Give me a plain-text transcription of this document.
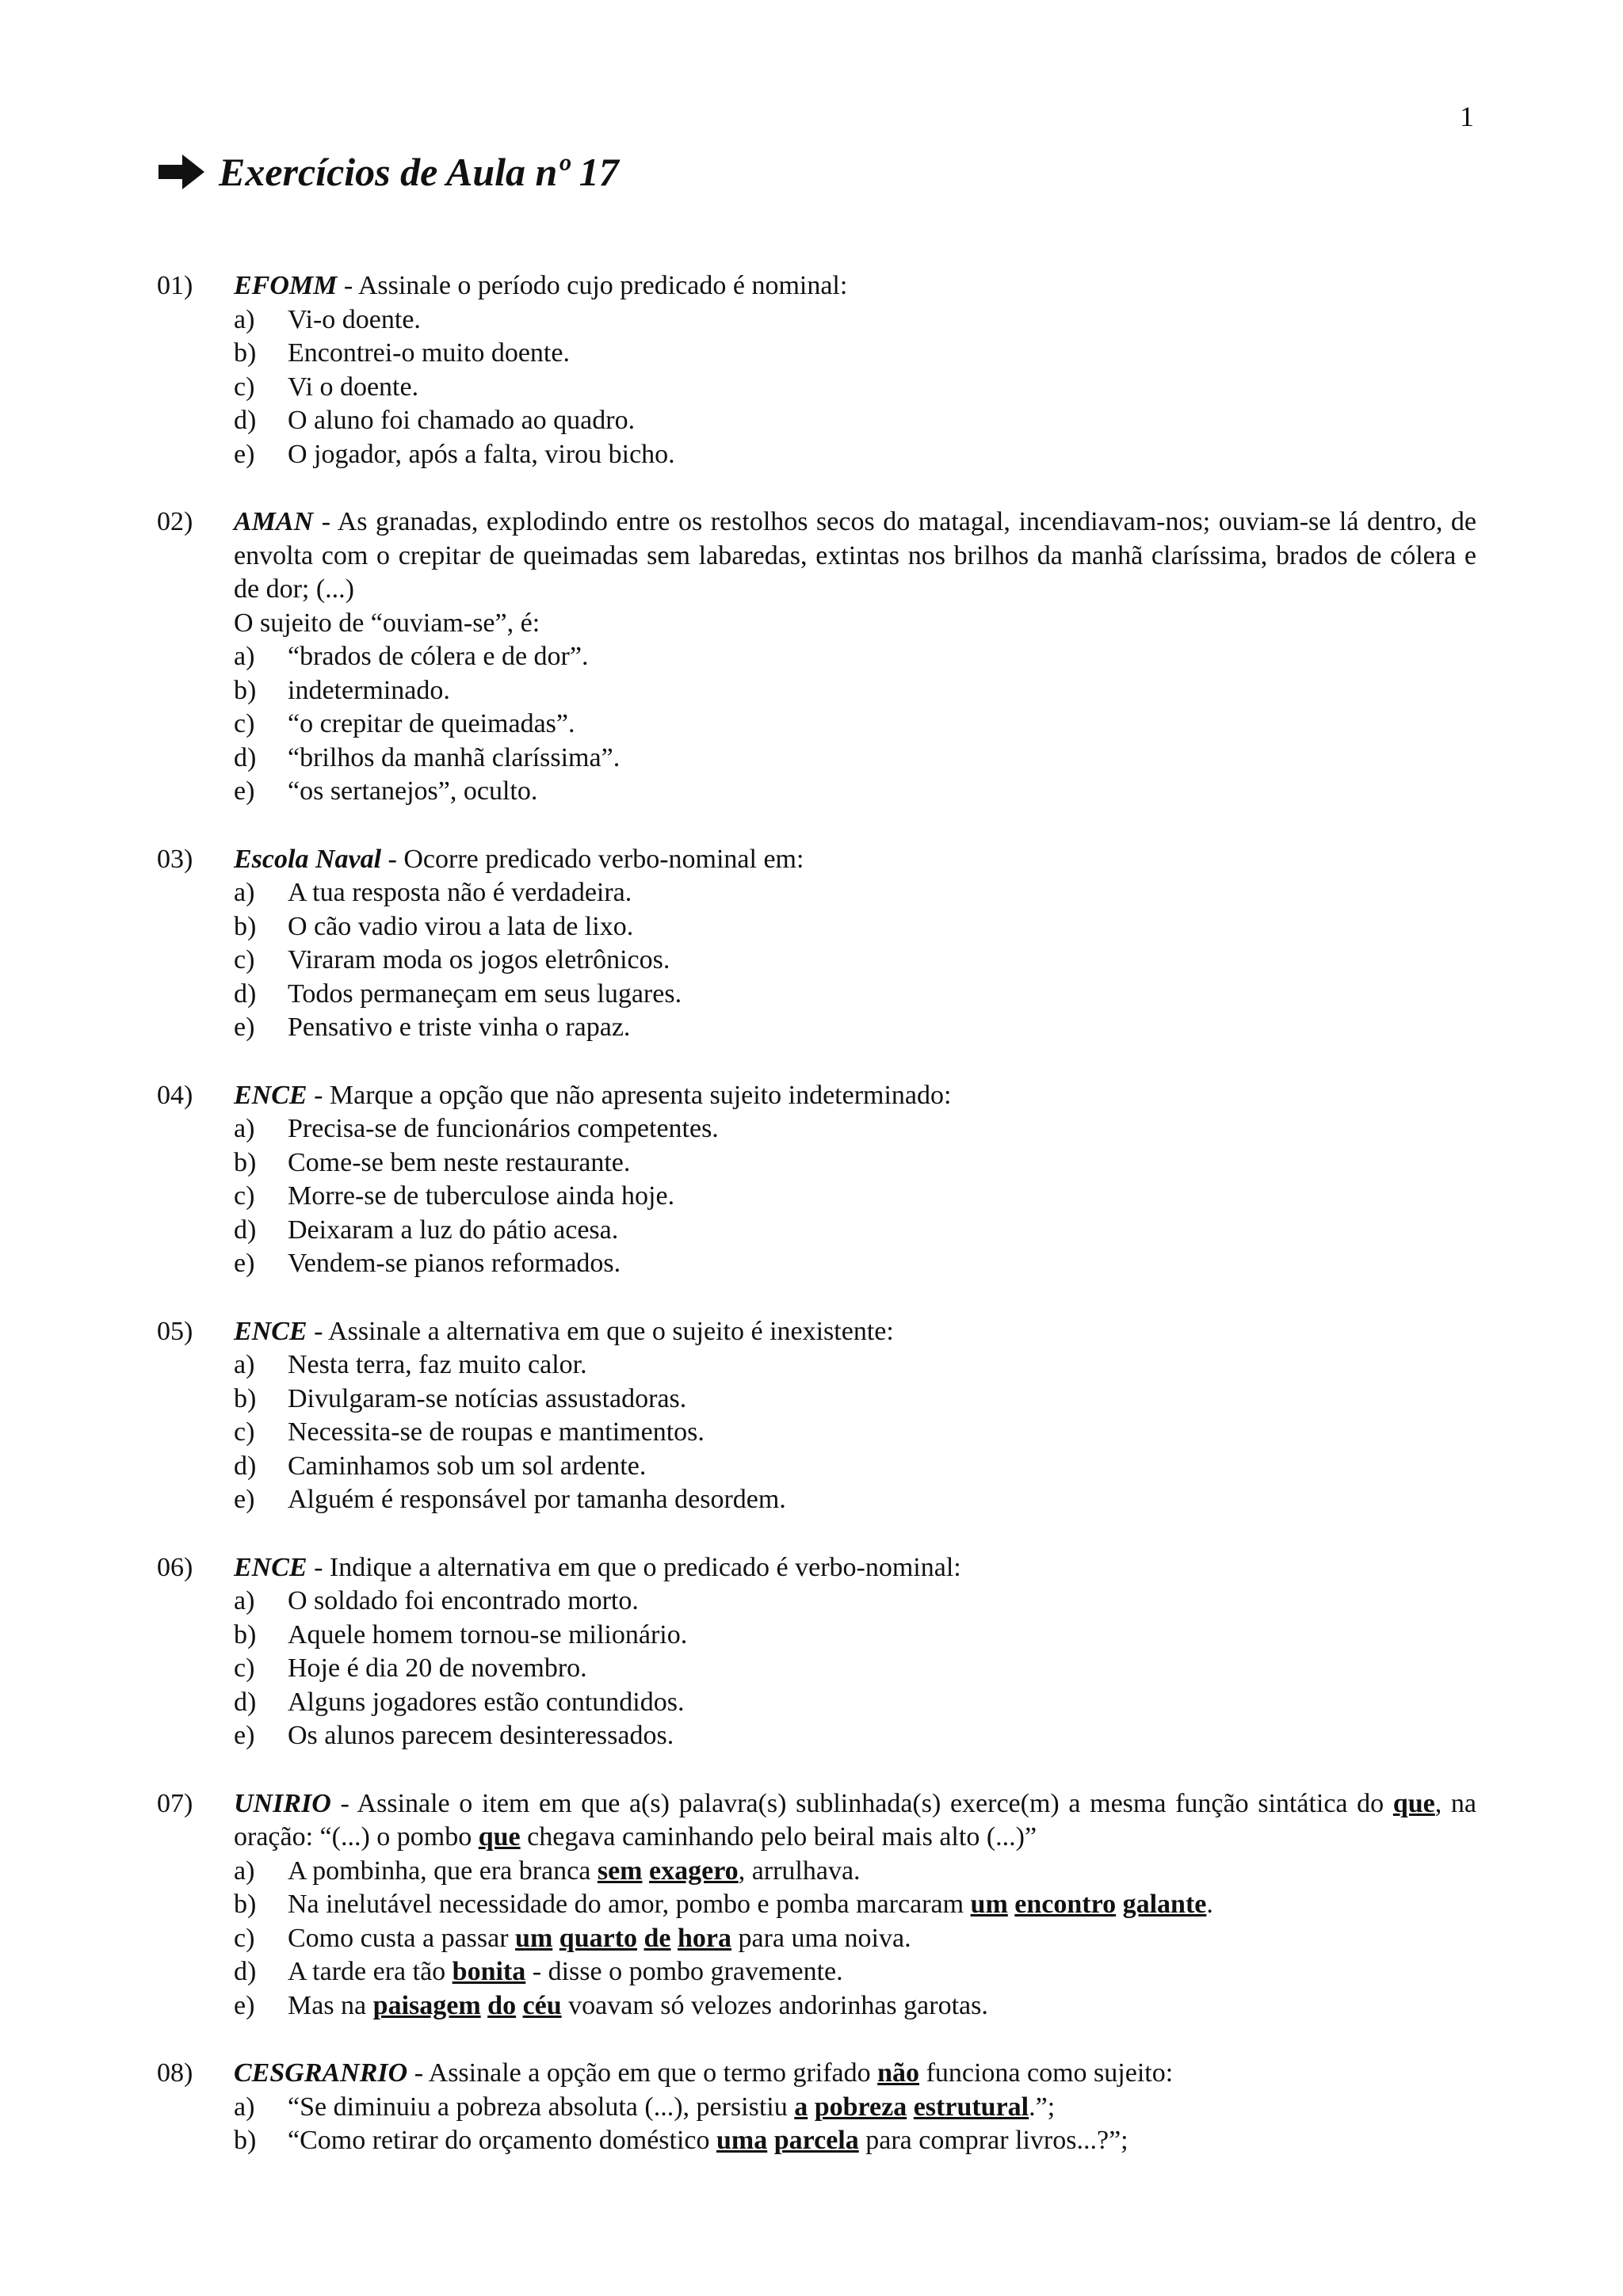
1
Exercícios de Aula nº 17
01) EFOMM - Assinale o período cujo predicado é nominal:
a)	Vi-o doente.
b)	Encontrei-o muito doente.
c)	Vi o doente.
d)	O aluno foi chamado ao quadro.
e)	O jogador, após a falta, virou bicho.
02) AMAN - As granadas, explodindo entre os restolhos secos do matagal, incendiavam-nos; ouviam-se lá dentro, de envolta com o crepitar de queimadas sem labaredas, extintas nos brilhos da manhã claríssima, brados de cólera e de dor; (...)
O sujeito de “ouviam-se”, é:
a)	“brados de cólera e de dor”.
b)	indeterminado.
c)	“o crepitar de queimadas”.
d)	“brilhos da manhã claríssima”.
e)	“os sertanejos”, oculto.
03) Escola Naval - Ocorre predicado verbo-nominal em:
a)	A tua resposta não é verdadeira.
b)	O cão vadio virou a lata de lixo.
c)	Viraram moda os jogos eletrônicos.
d)	Todos permaneçam em seus lugares.
e)	Pensativo e triste vinha o rapaz.
04) ENCE - Marque a opção que não apresenta sujeito indeterminado:
a)	Precisa-se de funcionários competentes.
b)	Come-se bem neste restaurante.
c)	Morre-se de tuberculose ainda hoje.
d)	Deixaram a luz do pátio acesa.
e)	Vendem-se pianos reformados.
05) ENCE - Assinale a alternativa em que o sujeito é inexistente:
a)	Nesta terra, faz muito calor.
b)	Divulgaram-se notícias assustadoras.
c)	Necessita-se de roupas e mantimentos.
d)	Caminhamos sob um sol ardente.
e)	Alguém é responsável por tamanha desordem.
06) ENCE - Indique a alternativa em que o predicado é verbo-nominal:
a)	O soldado foi encontrado morto.
b)	Aquele homem tornou-se milionário.
c)	Hoje é dia 20 de novembro.
d)	Alguns jogadores estão contundidos.
e)	Os alunos parecem desinteressados.
07) UNIRIO - Assinale o item em que a(s) palavra(s) sublinhada(s) exerce(m) a mesma função sintática do que, na oração: “(...) o pombo que chegava caminhando pelo beiral mais alto (...)”
a)	A pombinha, que era branca sem exagero, arrulhava.
b)	Na inelutável necessidade do amor, pombo e pomba marcaram um encontro galante.
c)	Como custa a passar um quarto de hora para uma noiva.
d)	A tarde era tão bonita - disse o pombo gravemente.
e)	Mas na paisagem do céu voavam só velozes andorinhas garotas.
08) CESGRANRIO - Assinale a opção em que o termo grifado não funciona como sujeito:
a)	“Se diminuiu a pobreza absoluta (...), persistiu a pobreza estrutural.”;
b)	“Como retirar do orçamento doméstico uma parcela para comprar livros...?”;
